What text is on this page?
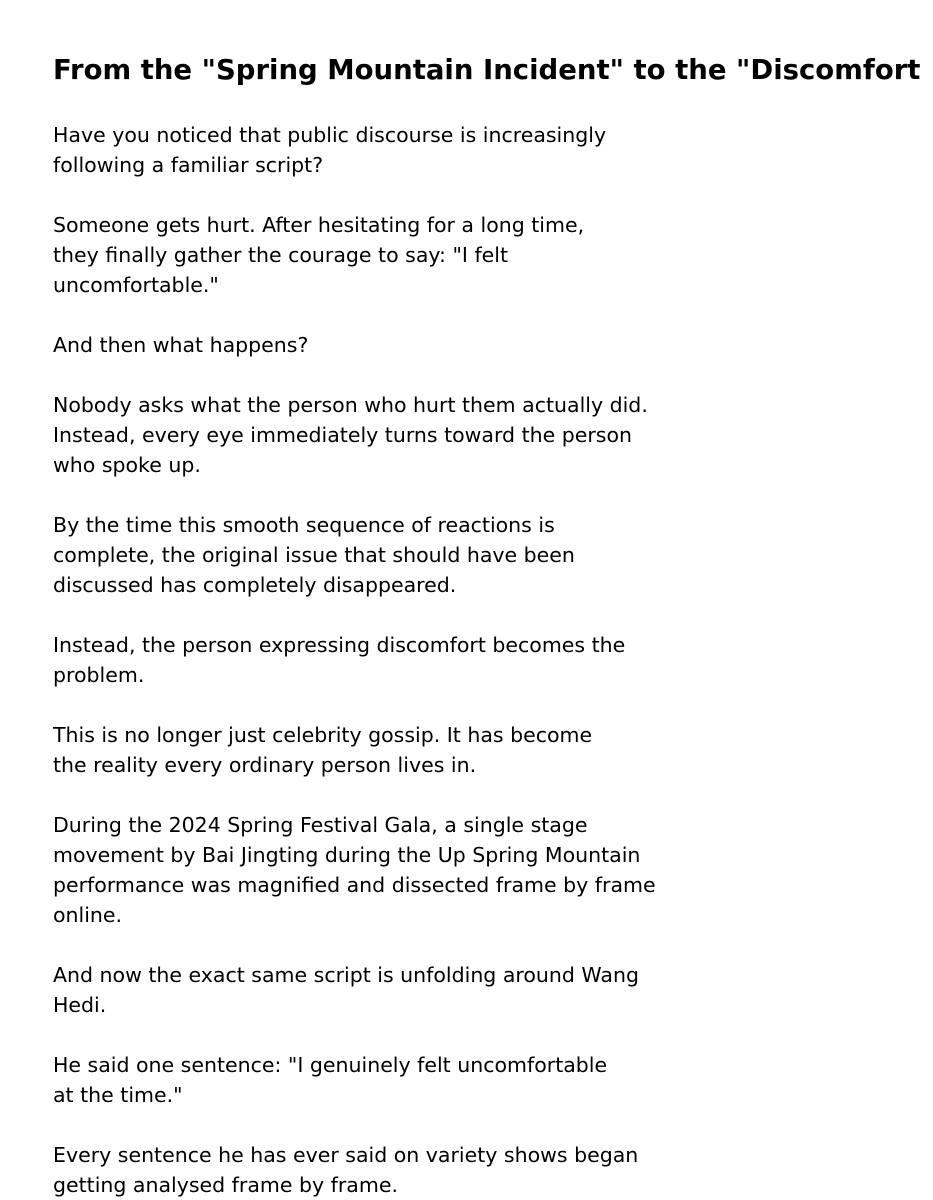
From the "Spring Mountain Incident" to the "Discomfort

Have you noticed that public discourse is increasingly
following a familiar script?

Someone gets hurt. After hesitating for a long time,
they finally gather the courage to say: "I felt
uncomfortable."

And then what happens?

Nobody asks what the person who hurt them actually did.
Instead, every eye immediately turns toward the person
who spoke up.

By the time this smooth sequence of reactions is
complete, the original issue that should have been
discussed has completely disappeared.

Instead, the person expressing discomfort becomes the
problem.

This is no longer just celebrity gossip. It has become
the reality every ordinary person lives in.

During the 2024 Spring Festival Gala, a single stage
movement by Bai Jingting during the Up Spring Mountain
performance was magnified and dissected frame by frame
online.

And now the exact same script is unfolding around Wang
Hedi.

He said one sentence: "I genuinely felt uncomfortable
at the time."

Every sentence he has ever said on variety shows began
getting analysed frame by frame.
